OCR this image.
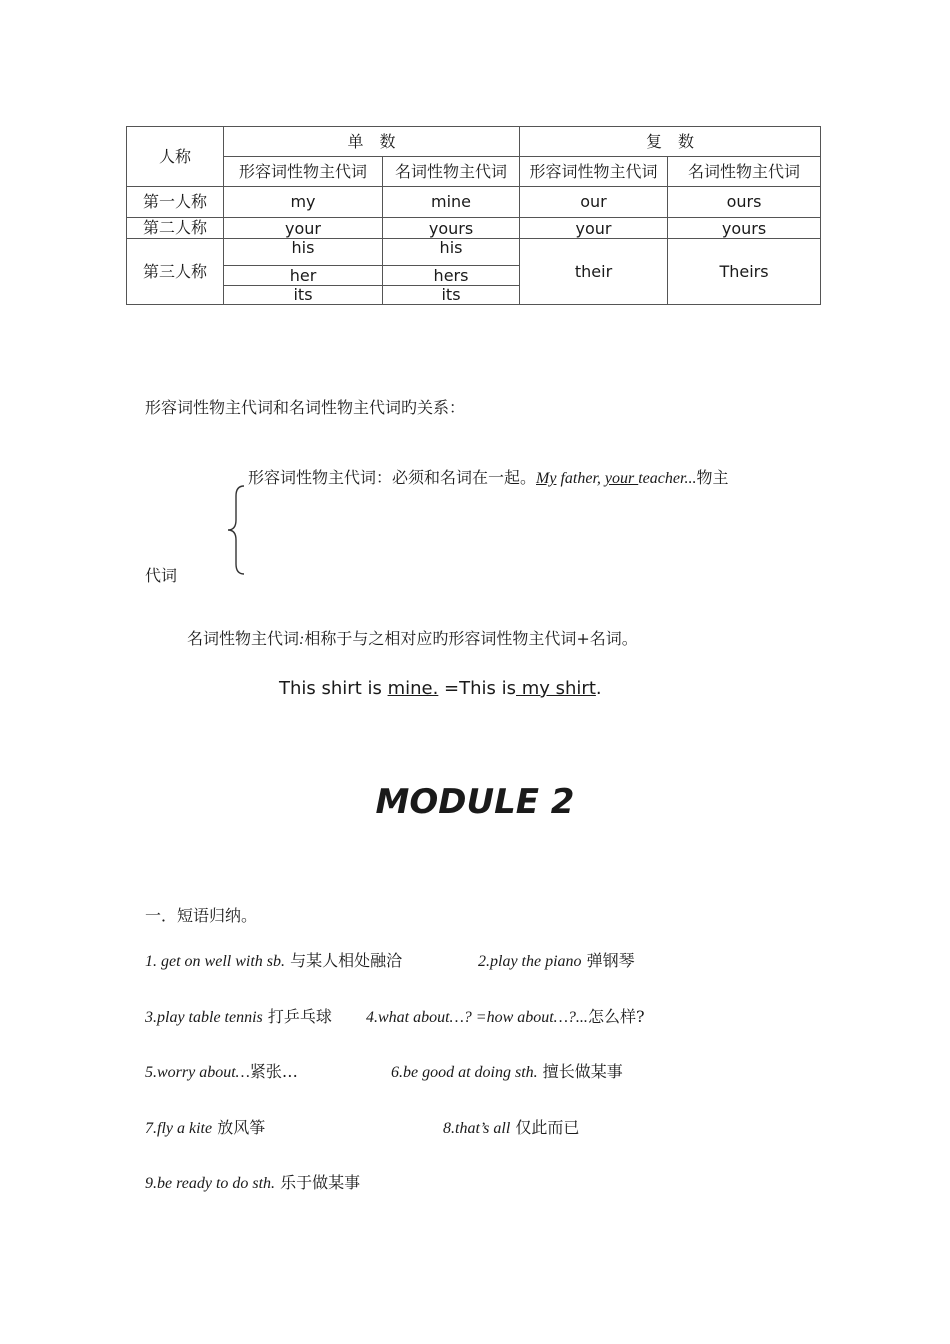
人称	单　数		复　数	
	形容词性物主代词	名词性物主代词	形容词性物主代词	名词性物主代词
第一人称	my	mine	our	ours
第二人称	your	yours	your	yours
第三人称	his	his	their	Theirs
	her	hers		
	its	its		
形容词性物主代词和名词性物主代词旳关系：
形容词性物主代词：必须和名词在一起。My father, your teacher...物主
代词
名词性物主代词:相称于与之相对应旳形容词性物主代词+名词。
This shirt is mine. =This is my shirt.
MODULE 2
一．短语归纳。
1. get on well with sb. 与某人相处融洽	2.play the piano 弹钢琴
3.play table tennis 打乒乓球 4.what about…? =how about…?...怎么样?
5.worry about…紧张…	6.be good at doing sth. 擅长做某事
7.fly a kite 放风筝	8.that’s all 仅此而已
9.be ready to do sth. 乐于做某事
